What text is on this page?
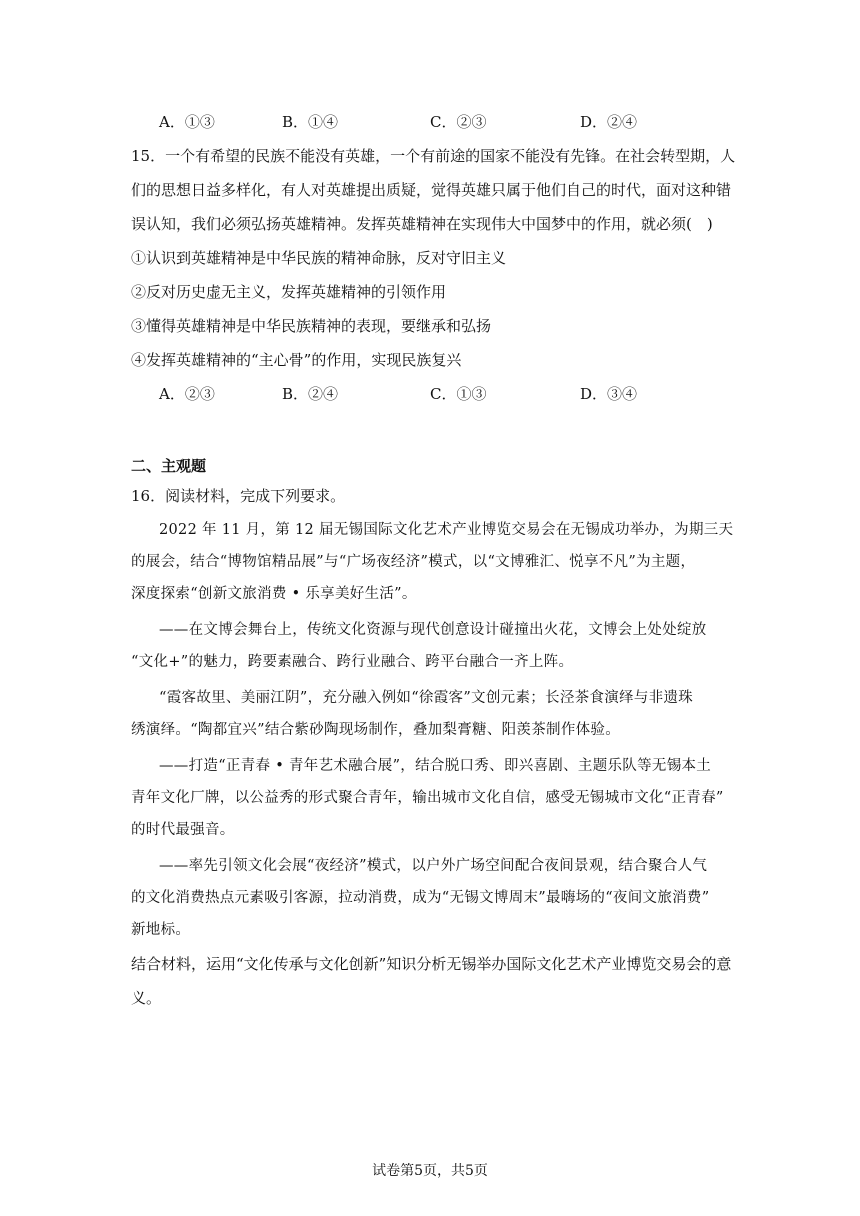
A．①③	B．①④	C．②③	D．②④
15．一个有希望的民族不能没有英雄，一个有前途的国家不能没有先锋。在社会转型期，人
们的思想日益多样化，有人对英雄提出质疑，觉得英雄只属于他们自己的时代，面对这种错
误认知，我们必须弘扬英雄精神。发挥英雄精神在实现伟大中国梦中的作用，就必须(　)
①认识到英雄精神是中华民族的精神命脉，反对守旧主义
②反对历史虚无主义，发挥英雄精神的引领作用
③懂得英雄精神是中华民族精神的表现，要继承和弘扬
④发挥英雄精神的“主心骨”的作用，实现民族复兴
A．②③	B．②④	C．①③	D．③④
二、主观题
16．阅读材料，完成下列要求。
2022 年 11 月，第 12 届无锡国际文化艺术产业博览交易会在无锡成功举办，为期三天
的展会，结合“博物馆精品展”与“广场夜经济”模式，以“文博雅汇、悦享不凡”为主题，
深度探索“创新文旅消费 • 乐享美好生活”。
——在文博会舞台上，传统文化资源与现代创意设计碰撞出火花，文博会上处处绽放
“文化+”的魅力，跨要素融合、跨行业融合、跨平台融合一齐上阵。
“霞客故里、美丽江阴”，充分融入例如“徐霞客”文创元素；长泾茶食演绎与非遗珠
绣演绎。“陶都宜兴”结合紫砂陶现场制作，叠加梨膏糖、阳羡茶制作体验。
——打造“正青春 • 青年艺术融合展”，结合脱口秀、即兴喜剧、主题乐队等无锡本土
青年文化厂牌，以公益秀的形式聚合青年，输出城市文化自信，感受无锡城市文化“正青春”
的时代最强音。
——率先引领文化会展“夜经济”模式，以户外广场空间配合夜间景观，结合聚合人气
的文化消费热点元素吸引客源，拉动消费，成为“无锡文博周末”最嗨场的“夜间文旅消费”
新地标。
结合材料，运用“文化传承与文化创新”知识分析无锡举办国际文化艺术产业博览交易会的意
义。
试卷第5页，共5页
